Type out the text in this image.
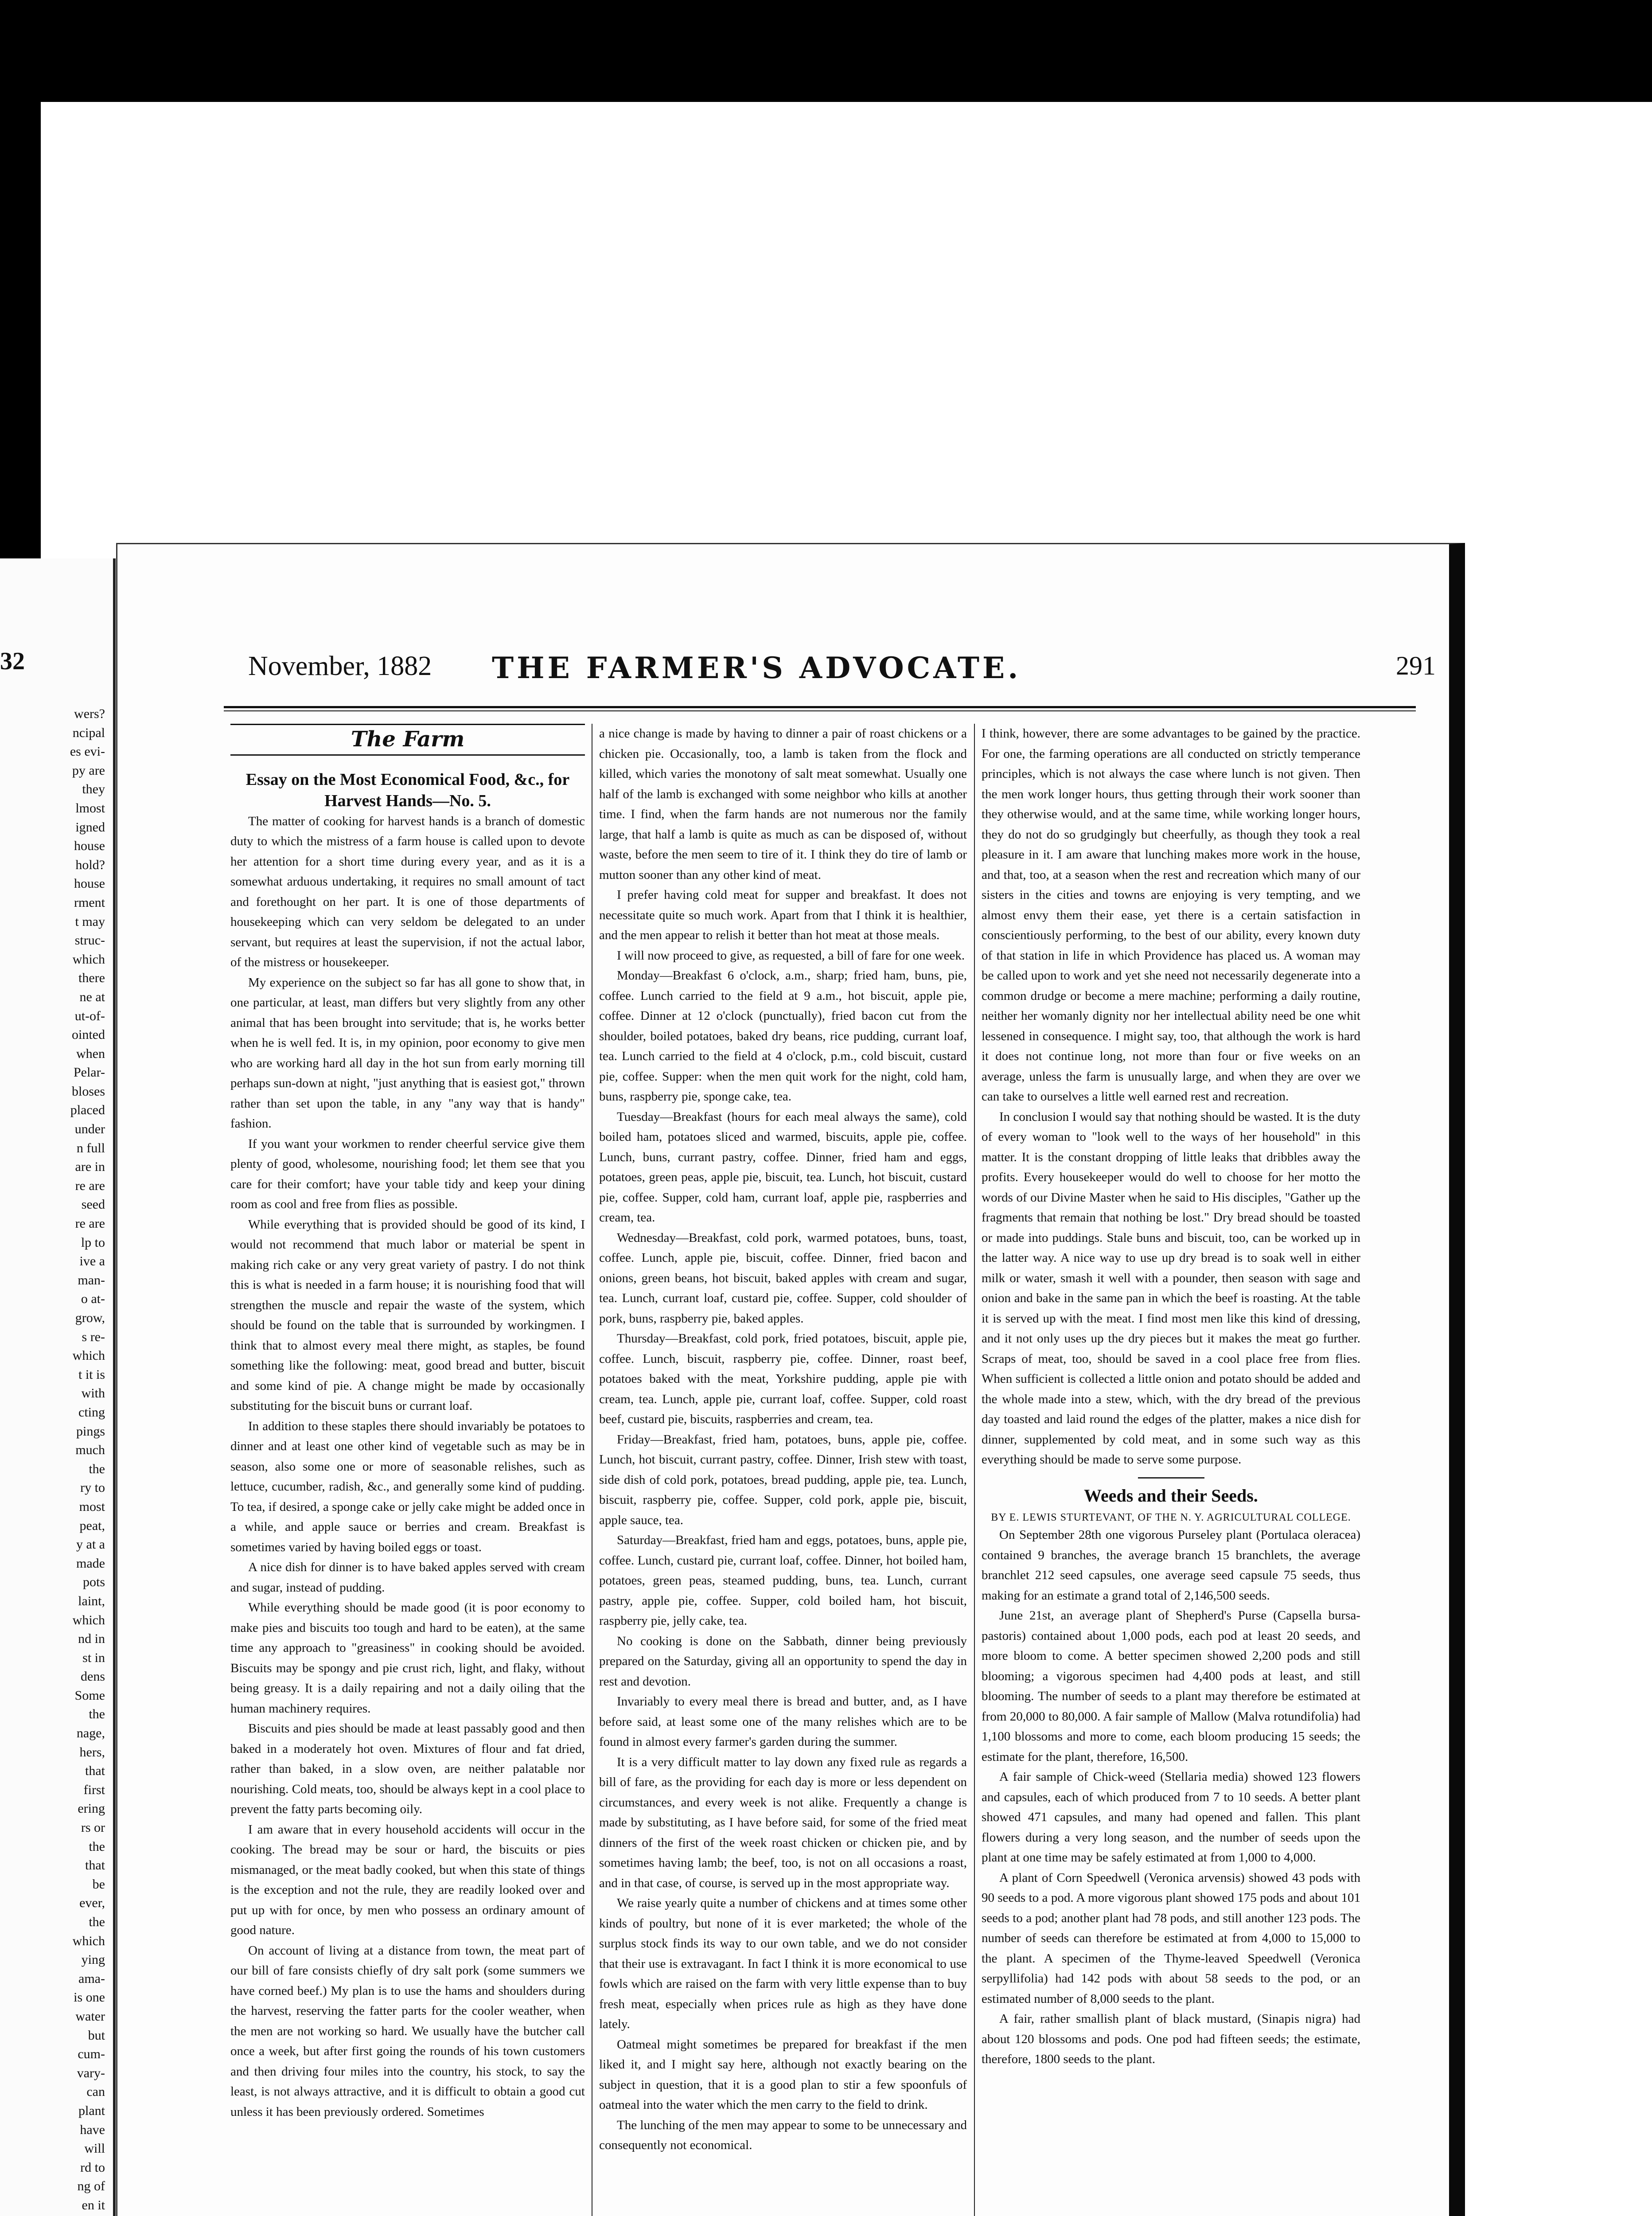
32
wers?
ncipal
es evi-
py are
they
lmost
igned
house
hold?
house
rment
t may
struc-
which
there
ne at
ut-of-
ointed
when
Pelar-
bloses
placed
under
n full
are in
re are
seed
re are
lp to
ive a
man-
o at-
grow,
s re-
which
t it is
with
cting
pings
much
the
ry to
most
peat,
y at a
made
pots
laint,
which
nd in
st in
dens
Some
the
nage,
hers,
that
first
ering
rs or
the
that
be
ever,
the
which
ying
ama-
is one
water
but
cum-
vary-
can
plant
have
will
rd to
ng of
en it

November, 1882 THE FARMER'S ADVOCATE.	291
The Farm

Essay on the Most Economical Food, &c., for Harvest Hands—No. 5.

The matter of cooking for harvest hands is a branch of domestic duty to which the mistress of a farm house is called upon to devote her attention for a short time during every year, and as it is a somewhat arduous undertaking, it requires no small amount of tact and forethought on her part. It is one of those departments of housekeeping which can very seldom be delegated to an under servant, but requires at least the supervision, if not the actual labor, of the mistress or housekeeper.

My experience on the subject so far has all gone to show that, in one particular, at least, man differs but very slightly from any other animal that has been brought into servitude; that is, he works better when he is well fed. It is, in my opinion, poor economy to give men who are working hard all day in the hot sun from early morning till perhaps sun-down at night, "just anything that is easiest got," thrown rather than set upon the table, in any "any way that is handy" fashion.

If you want your workmen to render cheerful service give them plenty of good, wholesome, nourishing food; let them see that you care for their comfort; have your table tidy and keep your dining room as cool and free from flies as possible.

While everything that is provided should be good of its kind, I would not recommend that much labor or material be spent in making rich cake or any very great variety of pastry. I do not think this is what is needed in a farm house; it is nourishing food that will strengthen the muscle and repair the waste of the system, which should be found on the table that is surrounded by workingmen. I think that to almost every meal there might, as staples, be found something like the following: meat, good bread and butter, biscuit and some kind of pie. A change might be made by occasionally substituting for the biscuit buns or currant loaf.

In addition to these staples there should invariably be potatoes to dinner and at least one other kind of vegetable such as may be in season, also some one or more of seasonable relishes, such as lettuce, cucumber, radish, &c., and generally some kind of pudding. To tea, if desired, a sponge cake or jelly cake might be added once in a while, and apple sauce or berries and cream. Breakfast is sometimes varied by having boiled eggs or toast.

A nice dish for dinner is to have baked apples served with cream and sugar, instead of pudding.

While everything should be made good (it is poor economy to make pies and biscuits too tough and hard to be eaten), at the same time any approach to "greasiness" in cooking should be avoided. Biscuits may be spongy and pie crust rich, light, and flaky, without being greasy. It is a daily repairing and not a daily oiling that the human machinery requires.

Biscuits and pies should be made at least passably good and then baked in a moderately hot oven. Mixtures of flour and fat dried, rather than baked, in a slow oven, are neither palatable nor nourishing. Cold meats, too, should be always kept in a cool place to prevent the fatty parts becoming oily.

I am aware that in every household accidents will occur in the cooking. The bread may be sour or hard, the biscuits or pies mismanaged, or the meat badly cooked, but when this state of things is the exception and not the rule, they are readily looked over and put up with for once, by men who possess an ordinary amount of good nature.

On account of living at a distance from town, the meat part of our bill of fare consists chiefly of dry salt pork (some summers we have corned beef.) My plan is to use the hams and shoulders during the harvest, reserving the fatter parts for the cooler weather, when the men are not working so hard. We usually have the butcher call once a week, but after first going the rounds of his town customers and then driving four miles into the country, his stock, to say the least, is not always attractive, and it is difficult to obtain a good cut unless it has been previously ordered. Sometimes

a nice change is made by having to dinner a pair of roast chickens or a chicken pie. Occasionally, too, a lamb is taken from the flock and killed, which varies the monotony of salt meat somewhat. Usually one half of the lamb is exchanged with some neighbor who kills at another time. I find, when the farm hands are not numerous nor the family large, that half a lamb is quite as much as can be disposed of, without waste, before the men seem to tire of it. I think they do tire of lamb or mutton sooner than any other kind of meat.

I prefer having cold meat for supper and breakfast. It does not necessitate quite so much work. Apart from that I think it is healthier, and the men appear to relish it better than hot meat at those meals.

I will now proceed to give, as requested, a bill of fare for one week.

Monday—Breakfast 6 o'clock, a.m., sharp; fried ham, buns, pie, coffee. Lunch carried to the field at 9 a.m., hot biscuit, apple pie, coffee. Dinner at 12 o'clock (punctually), fried bacon cut from the shoulder, boiled potatoes, baked dry beans, rice pudding, currant loaf, tea. Lunch carried to the field at 4 o'clock, p.m., cold biscuit, custard pie, coffee. Supper: when the men quit work for the night, cold ham, buns, raspberry pie, sponge cake, tea.

Tuesday—Breakfast (hours for each meal always the same), cold boiled ham, potatoes sliced and warmed, biscuits, apple pie, coffee. Lunch, buns, currant pastry, coffee. Dinner, fried ham and eggs, potatoes, green peas, apple pie, biscuit, tea. Lunch, hot biscuit, custard pie, coffee. Supper, cold ham, currant loaf, apple pie, raspberries and cream, tea.

Wednesday—Breakfast, cold pork, warmed potatoes, buns, toast, coffee. Lunch, apple pie, biscuit, coffee. Dinner, fried bacon and onions, green beans, hot biscuit, baked apples with cream and sugar, tea. Lunch, currant loaf, custard pie, coffee. Supper, cold shoulder of pork, buns, raspberry pie, baked apples.

Thursday—Breakfast, cold pork, fried potatoes, biscuit, apple pie, coffee. Lunch, biscuit, raspberry pie, coffee. Dinner, roast beef, potatoes baked with the meat, Yorkshire pudding, apple pie with cream, tea. Lunch, apple pie, currant loaf, coffee. Supper, cold roast beef, custard pie, biscuits, raspberries and cream, tea.

Friday—Breakfast, fried ham, potatoes, buns, apple pie, coffee. Lunch, hot biscuit, currant pastry, coffee. Dinner, Irish stew with toast, side dish of cold pork, potatoes, bread pudding, apple pie, tea. Lunch, biscuit, raspberry pie, coffee. Supper, cold pork, apple pie, biscuit, apple sauce, tea.

Saturday—Breakfast, fried ham and eggs, potatoes, buns, apple pie, coffee. Lunch, custard pie, currant loaf, coffee. Dinner, hot boiled ham, potatoes, green peas, steamed pudding, buns, tea. Lunch, currant pastry, apple pie, coffee. Supper, cold boiled ham, hot biscuit, raspberry pie, jelly cake, tea.

No cooking is done on the Sabbath, dinner being previously prepared on the Saturday, giving all an opportunity to spend the day in rest and devotion.

Invariably to every meal there is bread and butter, and, as I have before said, at least some one of the many relishes which are to be found in almost every farmer's garden during the summer.

It is a very difficult matter to lay down any fixed rule as regards a bill of fare, as the providing for each day is more or less dependent on circumstances, and every week is not alike. Frequently a change is made by substituting, as I have before said, for some of the fried meat dinners of the first of the week roast chicken or chicken pie, and by sometimes having lamb; the beef, too, is not on all occasions a roast, and in that case, of course, is served up in the most appropriate way.

We raise yearly quite a number of chickens and at times some other kinds of poultry, but none of it is ever marketed; the whole of the surplus stock finds its way to our own table, and we do not consider that their use is extravagant. In fact I think it is more economical to use fowls which are raised on the farm with very little expense than to buy fresh meat, especially when prices rule as high as they have done lately.

Oatmeal might sometimes be prepared for breakfast if the men liked it, and I might say here, although not exactly bearing on the subject in question, that it is a good plan to stir a few spoonfuls of oatmeal into the water which the men carry to the field to drink.

The lunching of the men may appear to some to be unnecessary and consequently not economical.

I think, however, there are some advantages to be gained by the practice. For one, the farming operations are all conducted on strictly temperance principles, which is not always the case where lunch is not given. Then the men work longer hours, thus getting through their work sooner than they otherwise would, and at the same time, while working longer hours, they do not do so grudgingly but cheerfully, as though they took a real pleasure in it. I am aware that lunching makes more work in the house, and that, too, at a season when the rest and recreation which many of our sisters in the cities and towns are enjoying is very tempting, and we almost envy them their ease, yet there is a certain satisfaction in conscientiously performing, to the best of our ability, every known duty of that station in life in which Providence has placed us. A woman may be called upon to work and yet she need not necessarily degenerate into a common drudge or become a mere machine; performing a daily routine, neither her womanly dignity nor her intellectual ability need be one whit lessened in consequence. I might say, too, that although the work is hard it does not continue long, not more than four or five weeks on an average, unless the farm is unusually large, and when they are over we can take to ourselves a little well earned rest and recreation.

In conclusion I would say that nothing should be wasted. It is the duty of every woman to "look well to the ways of her household" in this matter. It is the constant dropping of little leaks that dribbles away the profits. Every housekeeper would do well to choose for her motto the words of our Divine Master when he said to His disciples, "Gather up the fragments that remain that nothing be lost." Dry bread should be toasted or made into puddings. Stale buns and biscuit, too, can be worked up in the latter way. A nice way to use up dry bread is to soak well in either milk or water, smash it well with a pounder, then season with sage and onion and bake in the same pan in which the beef is roasting. At the table it is served up with the meat. I find most men like this kind of dressing, and it not only uses up the dry pieces but it makes the meat go further. Scraps of meat, too, should be saved in a cool place free from flies. When sufficient is collected a little onion and potato should be added and the whole made into a stew, which, with the dry bread of the previous day toasted and laid round the edges of the platter, makes a nice dish for dinner, supplemented by cold meat, and in some such way as this everything should be made to serve some purpose.

Weeds and their Seeds.

BY E. LEWIS STURTEVANT, OF THE N. Y. AGRICULTURAL COLLEGE.

On September 28th one vigorous Purseley plant (Portulaca oleracea) contained 9 branches, the average branch 15 branchlets, the average branchlet 212 seed capsules, one average seed capsule 75 seeds, thus making for an estimate a grand total of 2,146,500 seeds.

June 21st, an average plant of Shepherd's Purse (Capsella bursa-pastoris) contained about 1,000 pods, each pod at least 20 seeds, and more bloom to come. A better specimen showed 2,200 pods and still blooming; a vigorous specimen had 4,400 pods at least, and still blooming. The number of seeds to a plant may therefore be estimated at from 20,000 to 80,000. A fair sample of Mallow (Malva rotundifolia) had 1,100 blossoms and more to come, each bloom producing 15 seeds; the estimate for the plant, therefore, 16,500.

A fair sample of Chick-weed (Stellaria media) showed 123 flowers and capsules, each of which produced from 7 to 10 seeds. A better plant showed 471 capsules, and many had opened and fallen. This plant flowers during a very long season, and the number of seeds upon the plant at one time may be safely estimated at from 1,000 to 4,000.

A plant of Corn Speedwell (Veronica arvensis) showed 43 pods with 90 seeds to a pod. A more vigorous plant showed 175 pods and about 101 seeds to a pod; another plant had 78 pods, and still another 123 pods. The number of seeds can therefore be estimated at from 4,000 to 15,000 to the plant. A specimen of the Thyme-leaved Speedwell (Veronica serpyllifolia) had 142 pods with about 58 seeds to the pod, or an estimated number of 8,000 seeds to the plant.

A fair, rather smallish plant of black mustard, (Sinapis nigra) had about 120 blossoms and pods. One pod had fifteen seeds; the estimate, therefore, 1800 seeds to the plant.
